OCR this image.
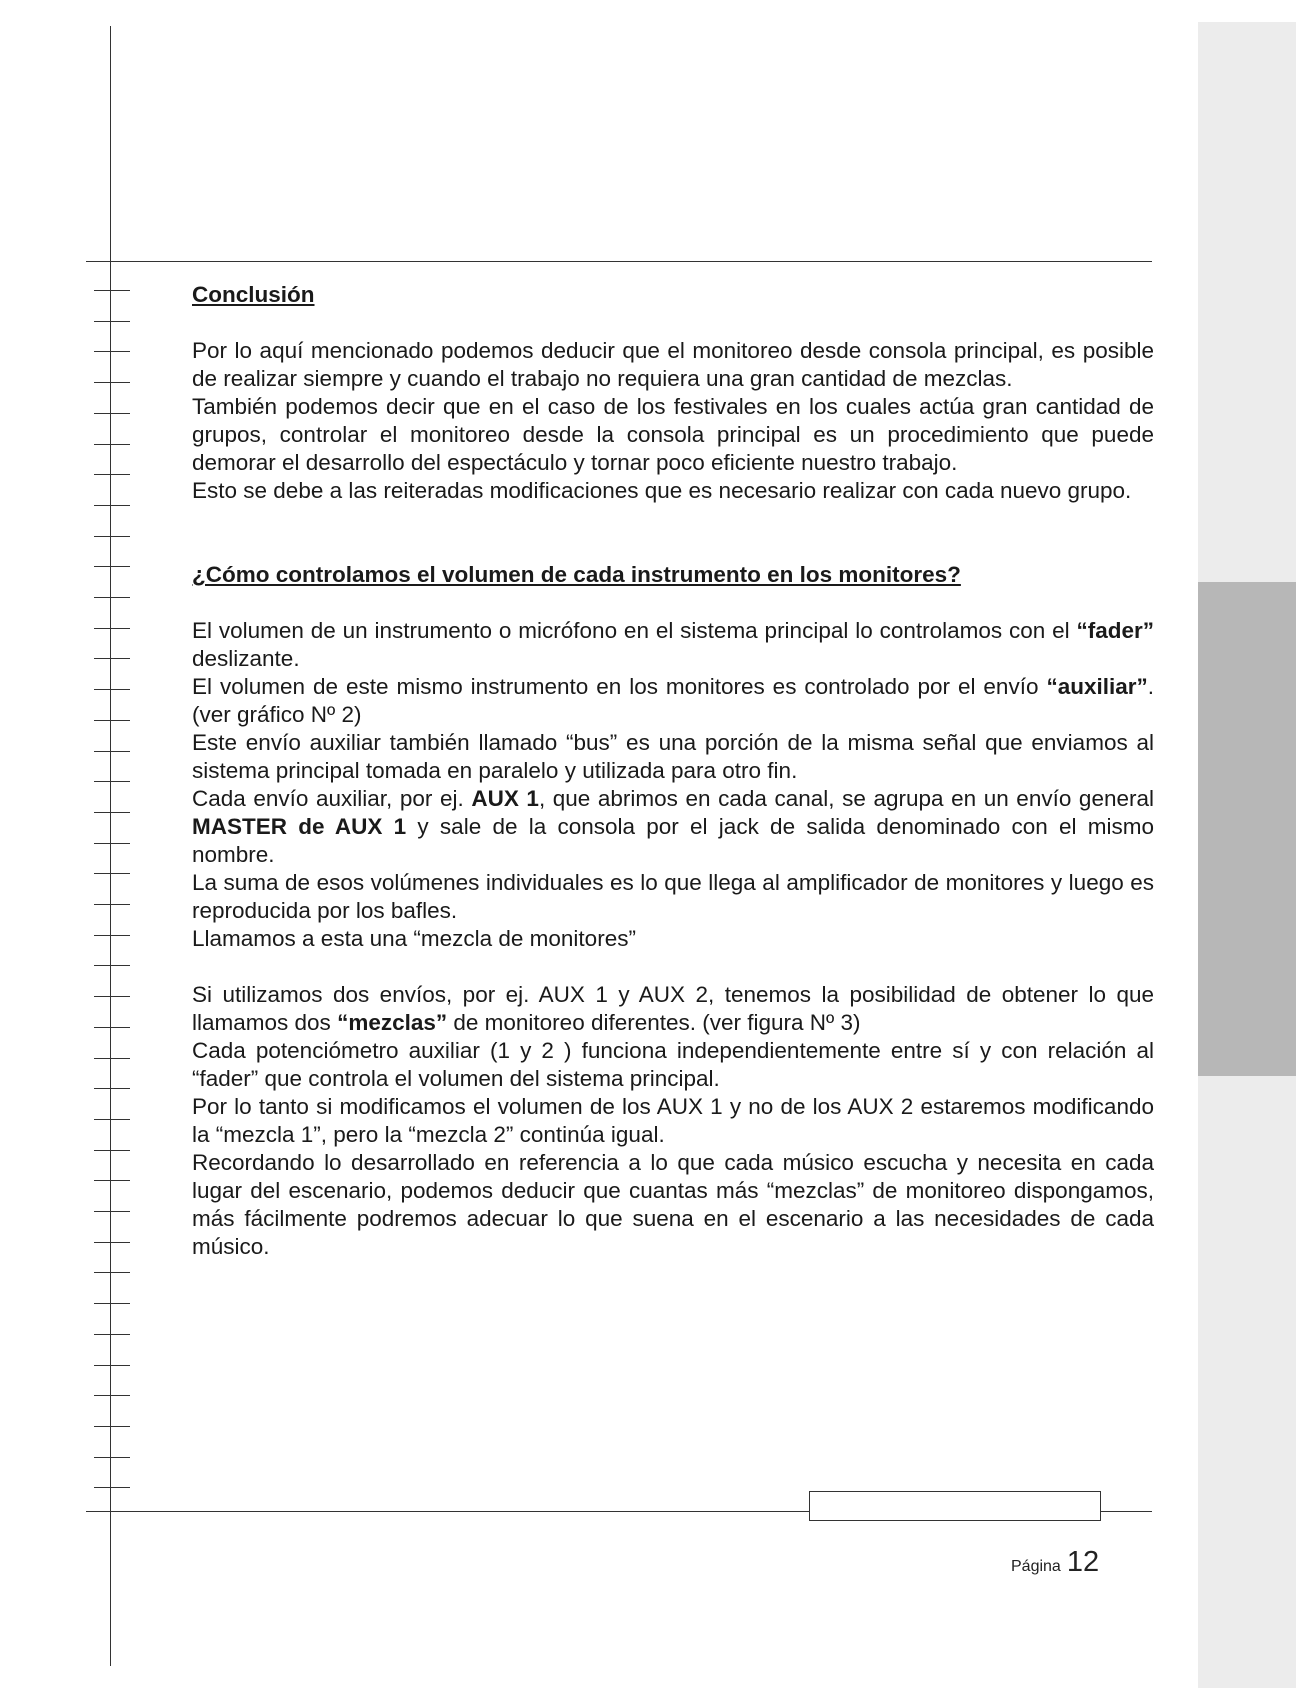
Conclusión

Por lo aquí mencionado podemos deducir que el monitoreo desde consola principal, es posible de realizar siempre y cuando el trabajo no requiera una gran cantidad de mezclas.

También podemos decir que en el caso de los festivales en los cuales actúa gran cantidad de grupos, controlar el monitoreo desde la consola principal es un procedimiento que puede demorar el desarrollo del espectáculo y tornar poco eficiente nuestro trabajo.

Esto se debe a las reiteradas modificaciones que es necesario realizar con cada nuevo grupo.

¿Cómo controlamos el volumen de cada instrumento en los monitores?

El volumen de un instrumento o micrófono en el sistema principal lo controlamos con el “fader” deslizante.

El volumen de este mismo instrumento en los monitores es controlado por el envío “auxiliar”. (ver gráfico Nº 2)

Este envío auxiliar también llamado “bus” es una porción de la misma señal que enviamos al sistema principal tomada en paralelo y utilizada para otro fin.

Cada envío auxiliar, por ej. AUX 1, que abrimos en cada canal, se agrupa en un envío general MASTER de AUX 1 y sale de la consola por el jack de salida denominado con el mismo nombre.

La suma de esos volúmenes individuales es lo que llega al amplificador de monitores y luego es reproducida por los bafles.

Llamamos a esta una “mezcla de monitores”

Si utilizamos dos envíos, por ej. AUX 1 y AUX 2, tenemos la posibilidad de obtener lo que llamamos dos “mezclas” de monitoreo diferentes. (ver figura Nº 3)

Cada potenciómetro auxiliar (1 y 2 ) funciona independientemente entre sí y con relación al “fader” que controla el volumen del sistema principal.

Por lo tanto si modificamos el volumen de los AUX 1 y no de los AUX 2 estaremos modificando la “mezcla 1”, pero la “mezcla 2” continúa igual.

Recordando lo desarrollado en referencia a lo que cada músico escucha y necesita en cada lugar del escenario, podemos deducir que cuantas más “mezclas” de monitoreo dispongamos, más fácilmente podremos adecuar lo que suena en el escenario a las necesidades de cada músico.

Página 12
